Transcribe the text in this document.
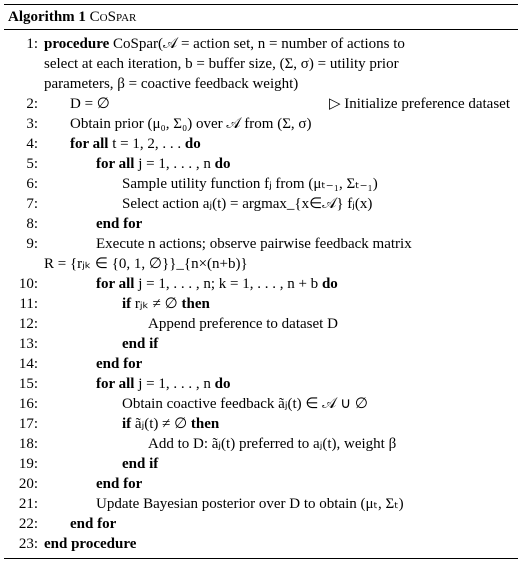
Algorithm 1 CoSpar
1: procedure CoSpar(𝒜 = action set, n = number of actions to
select at each iteration, b = buffer size, (Σ, σ) = utility prior
parameters, β = coactive feedback weight)
2:	D = ∅	▷ Initialize preference dataset
3:	Obtain prior (μ₀, Σ₀) over 𝒜 from (Σ, σ)
4:	for all t = 1, 2, . . . do
5:	for all j = 1, . . . , n do
6:	Sample utility function fⱼ from (μₜ₋₁, Σₜ₋₁)
7:	Select action aⱼ(t) = argmax_{x∈𝒜} fⱼ(x)
8:	end for
9:	Execute n actions; observe pairwise feedback matrix
R = {rⱼₖ ∈ {0, 1, ∅}}_{n×(n+b)}
10:	for all j = 1, . . . , n; k = 1, . . . , n + b do
11:	if rⱼₖ ≠ ∅ then
12:	Append preference to dataset D
13:	end if
14:	end for
15:	for all j = 1, . . . , n do
16:	Obtain coactive feedback ãⱼ(t) ∈ 𝒜 ∪ ∅
17:	if ãⱼ(t) ≠ ∅ then
18:	Add to D: ãⱼ(t) preferred to aⱼ(t), weight β
19:	end if
20:	end for
21:	Update Bayesian posterior over D to obtain (μₜ, Σₜ)
22:	end for
23: end procedure
